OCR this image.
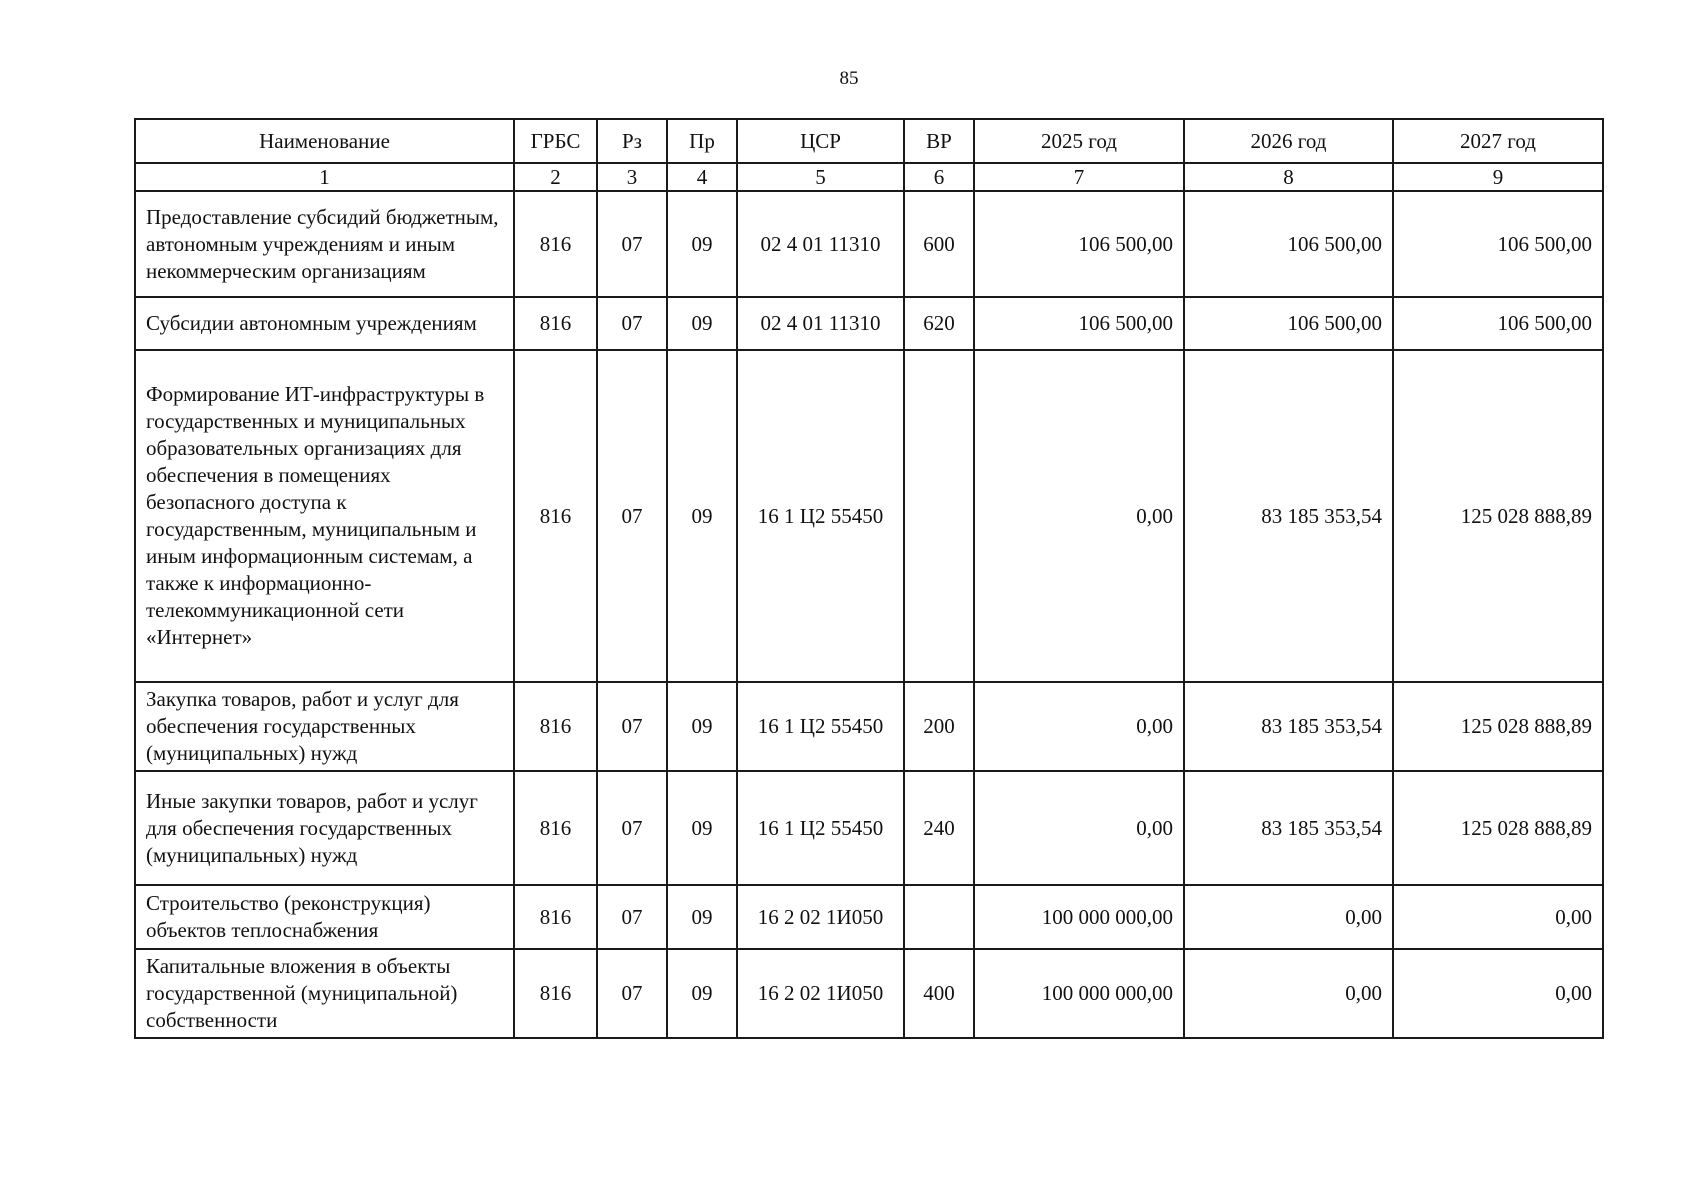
85
Наименование	ГРБС	Рз	Пр	ЦСР	ВР	2025 год	2026 год	2027 год
1	2	3	4	5	6	7	8	9
Предоставление субсидий бюджетным, автономным учреждениям и иным некоммерческим организациям	816	07	09	02 4 01 11310	600	106 500,00	106 500,00	106 500,00
Субсидии автономным учреждениям	816	07	09	02 4 01 11310	620	106 500,00	106 500,00	106 500,00
Формирование ИТ-инфраструктуры в государственных и муниципальных образовательных организациях для обеспечения в помещениях безопасного доступа к государственным, муниципальным и иным информационным системам, а также к информационно-телекоммуникационной сети «Интернет»	816	07	09	16 1 Ц2 55450		0,00	83 185 353,54	125 028 888,89
Закупка товаров, работ и услуг для обеспечения государственных (муниципальных) нужд	816	07	09	16 1 Ц2 55450	200	0,00	83 185 353,54	125 028 888,89
Иные закупки товаров, работ и услуг для обеспечения государственных (муниципальных) нужд	816	07	09	16 1 Ц2 55450	240	0,00	83 185 353,54	125 028 888,89
Строительство (реконструкция) объектов теплоснабжения	816	07	09	16 2 02 1И050		100 000 000,00	0,00	0,00
Капитальные вложения в объекты государственной (муниципальной) собственности	816	07	09	16 2 02 1И050	400	100 000 000,00	0,00	0,00
